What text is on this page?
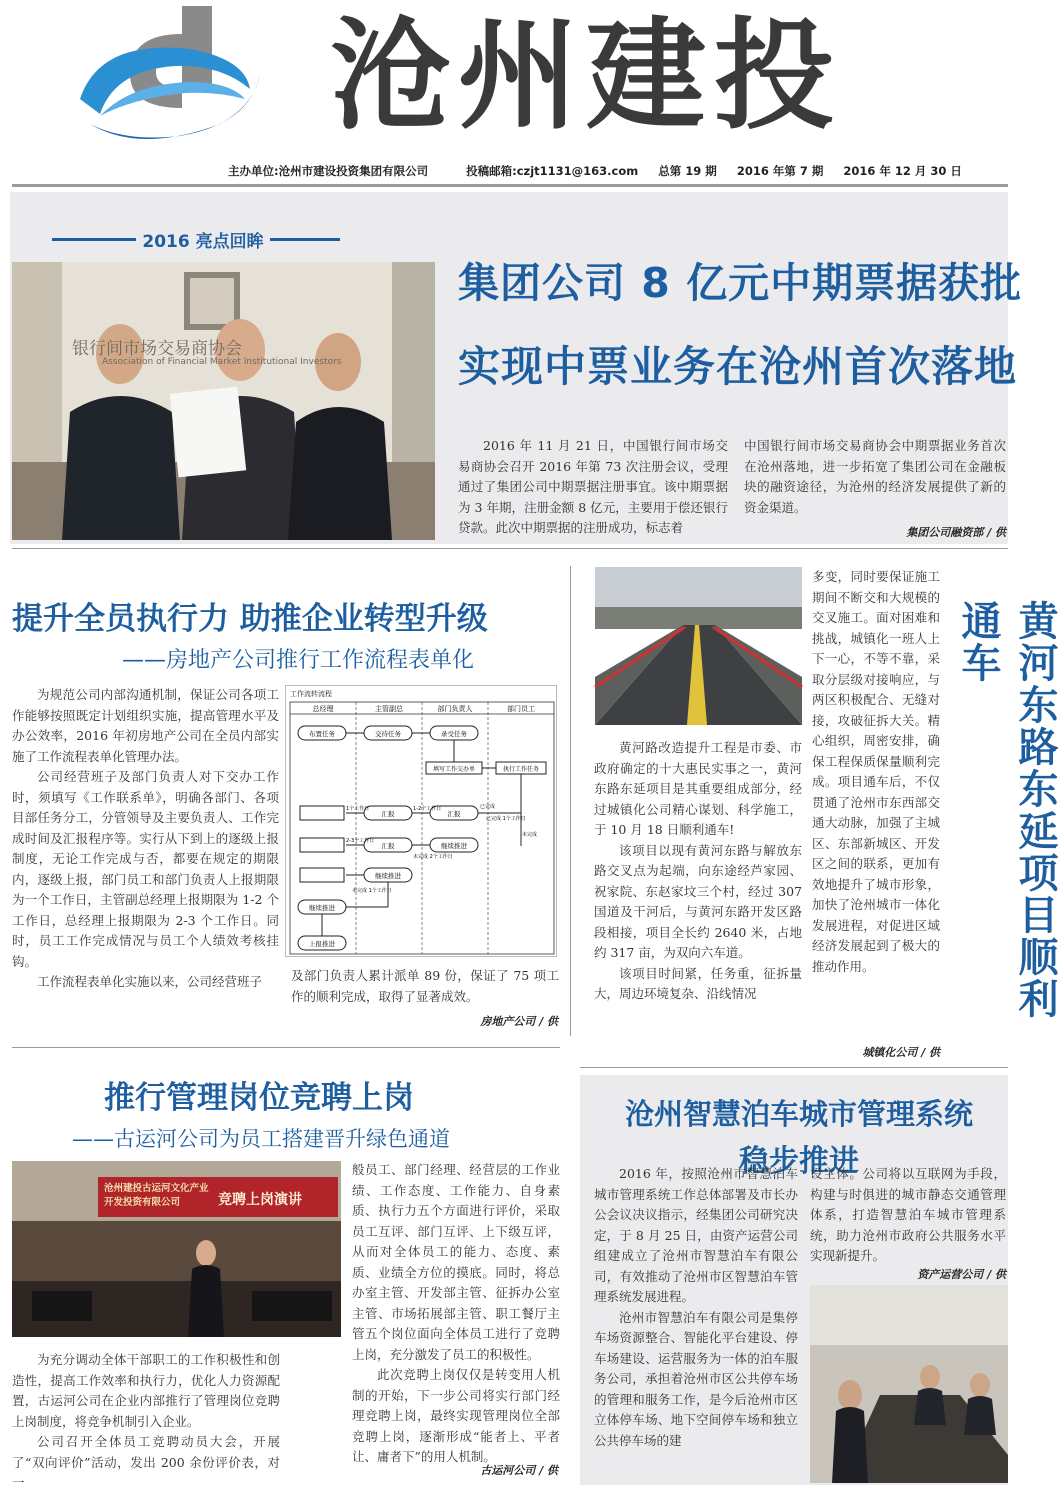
沧州建投
主办单位:沧州市建设投资集团有限公司	投稿邮箱:czjt1131@163.com 总第 19 期 2016 年第 7 期 2016 年 12 月 30 日
2016 亮点回眸
银行间市场交易商协会
Association of Financial Market Institutional Investors
集团公司 8 亿元中期票据获批
实现中票业务在沧州首次落地

2016 年 11 月 21 日，中国银行间市场交易商协会召开 2016 年第 73 次注册会议，受理通过了集团公司中期票据注册事宜。该中期票据为 3 年期，注册金额 8 亿元，主要用于偿还银行贷款。此次中期票据的注册成功，标志着

中国银行间市场交易商协会中期票据业务首次在沧州落地，进一步拓宽了集团公司在金融板块的融资途径，为沧州的经济发展提供了新的资金渠道。

集团公司融资部 / 供
提升全员执行力 助推企业转型升级
——房地产公司推行工作流程表单化

为规范公司内部沟通机制，保证公司各项工作能够按照既定计划组织实施，提高管理水平及办公效率，2016 年初房地产公司在全员内部实施了工作流程表单化管理办法。

公司经营班子及部门负责人对下交办工作时，须填写《工作联系单》，明确各部门、各项目部任务分工，分管领导及主要负责人、工作完成时间及汇报程序等。实行从下到上的逐级上报制度，无论工作完成与否，都要在规定的期限内，逐级上报，部门员工和部门负责人上报期限为一个工作日，主管副总经理上报期限为 1-2 个工作日，总经理上报期限为 2-3 个工作日。同时，员工工作完成情况与员工个人绩效考核挂钩。

工作流程表单化实施以来，公司经营班子

工作流转流程
总经理	主管副总	部门负责人	部门员工
布置任务	交待任务	录受任务
填写工作交办单	执行工作任务
汇报	汇报
汇报	继续推进
继续推进
继续推进
上报推进
1个工作日
2-3个工作日
1-2个工作日
未完成
已完成
已完成 1个工作日
未完成 2个工作日
未完成 1个工作日

及部门负责人累计派单 89 份，保证了 75 项工作的顺利完成，取得了显著成效。

房地产公司 / 供

黄河路改造提升工程是市委、市政府确定的十大惠民实事之一，黄河东路东延项目是其重要组成部分，经过城镇化公司精心谋划、科学施工，于 10 月 18 日顺利通车!

该项目以现有黄河东路与解放东路交叉点为起端，向东途经芦家园、祝家院、东赵家坟三个村，经过 307 国道及干河后，与黄河东路开发区路段相接，项目全长约 2640 米，占地约 317 亩，为双向六车道。

该项目时间紧，任务重，征拆量大，周边环境复杂、沿线情况

多变，同时要保证施工期间不断交和大规模的交叉施工。面对困难和挑战，城镇化一班人上下一心，不等不靠，采取分层级对接响应，与两区积极配合、无缝对接，攻破征拆大关。精心组织，周密安排，确保工程保质保量顺利完成。项目通车后，不仅贯通了沧州市东西部交通大动脉，加强了主城区、东部新城区、开发区之间的联系，更加有效地提升了城市形象，加快了沧州城市一体化发展进程，对促进区域经济发展起到了极大的推动作用。	黄河东路东延项目顺利通车
城镇化公司 / 供
推行管理岗位竞聘上岗
——古运河公司为员工搭建晋升绿色通道
沧州建投古运河文化产业开发投资有限公司	竞聘上岗演讲

般员工、部门经理、经营层的工作业绩、工作态度、工作能力、自身素质、执行力五个方面进行评价，采取员工互评、部门互评、上下级互评，从而对全体员工的能力、态度、素质、业绩全方位的摸底。同时，将总办室主管、开发部主管、征拆办公室主管、市场拓展部主管、职工餐厅主管五个岗位面向全体员工进行了竞聘上岗，充分激发了员工的积极性。

此次竞聘上岗仅仅是转变用人机制的开始，下一步公司将实行部门经理竞聘上岗，最终实现管理岗位全部竞聘上岗，逐渐形成“能者上、平者让、庸者下”的用人机制。

为充分调动全体干部职工的工作积极性和创造性，提高工作效率和执行力，优化人力资源配置，古运河公司在企业内部推行了管理岗位竞聘上岗制度，将竞争机制引入企业。

公司召开全体员工竞聘动员大会，开展了“双向评价”活动，发出 200 余份评价表，对一

古运河公司 / 供
沧州智慧泊车城市管理系统
稳步推进

2016 年，按照沧州市智慧泊车城市管理系统工作总体部署及市长办公会议决议指示，经集团公司研究决定，于 8 月 25 日，由资产运营公司组建成立了沧州市智慧泊车有限公司，有效推动了沧州市区智慧泊车管理系统发展进程。

沧州市智慧泊车有限公司是集停车场资源整合、智能化平台建设、停车场建设、运营服务为一体的泊车服务公司，承担着沧州市区公共停车场的管理和服务工作，是今后沧州市区立体停车场、地下空间停车场和独立公共停车场的建

设主体。公司将以互联网为手段，构建与时俱进的城市静态交通管理体系，打造智慧泊车城市管理系统，助力沧州市政府公共服务水平实现新提升。

资产运营公司 / 供
